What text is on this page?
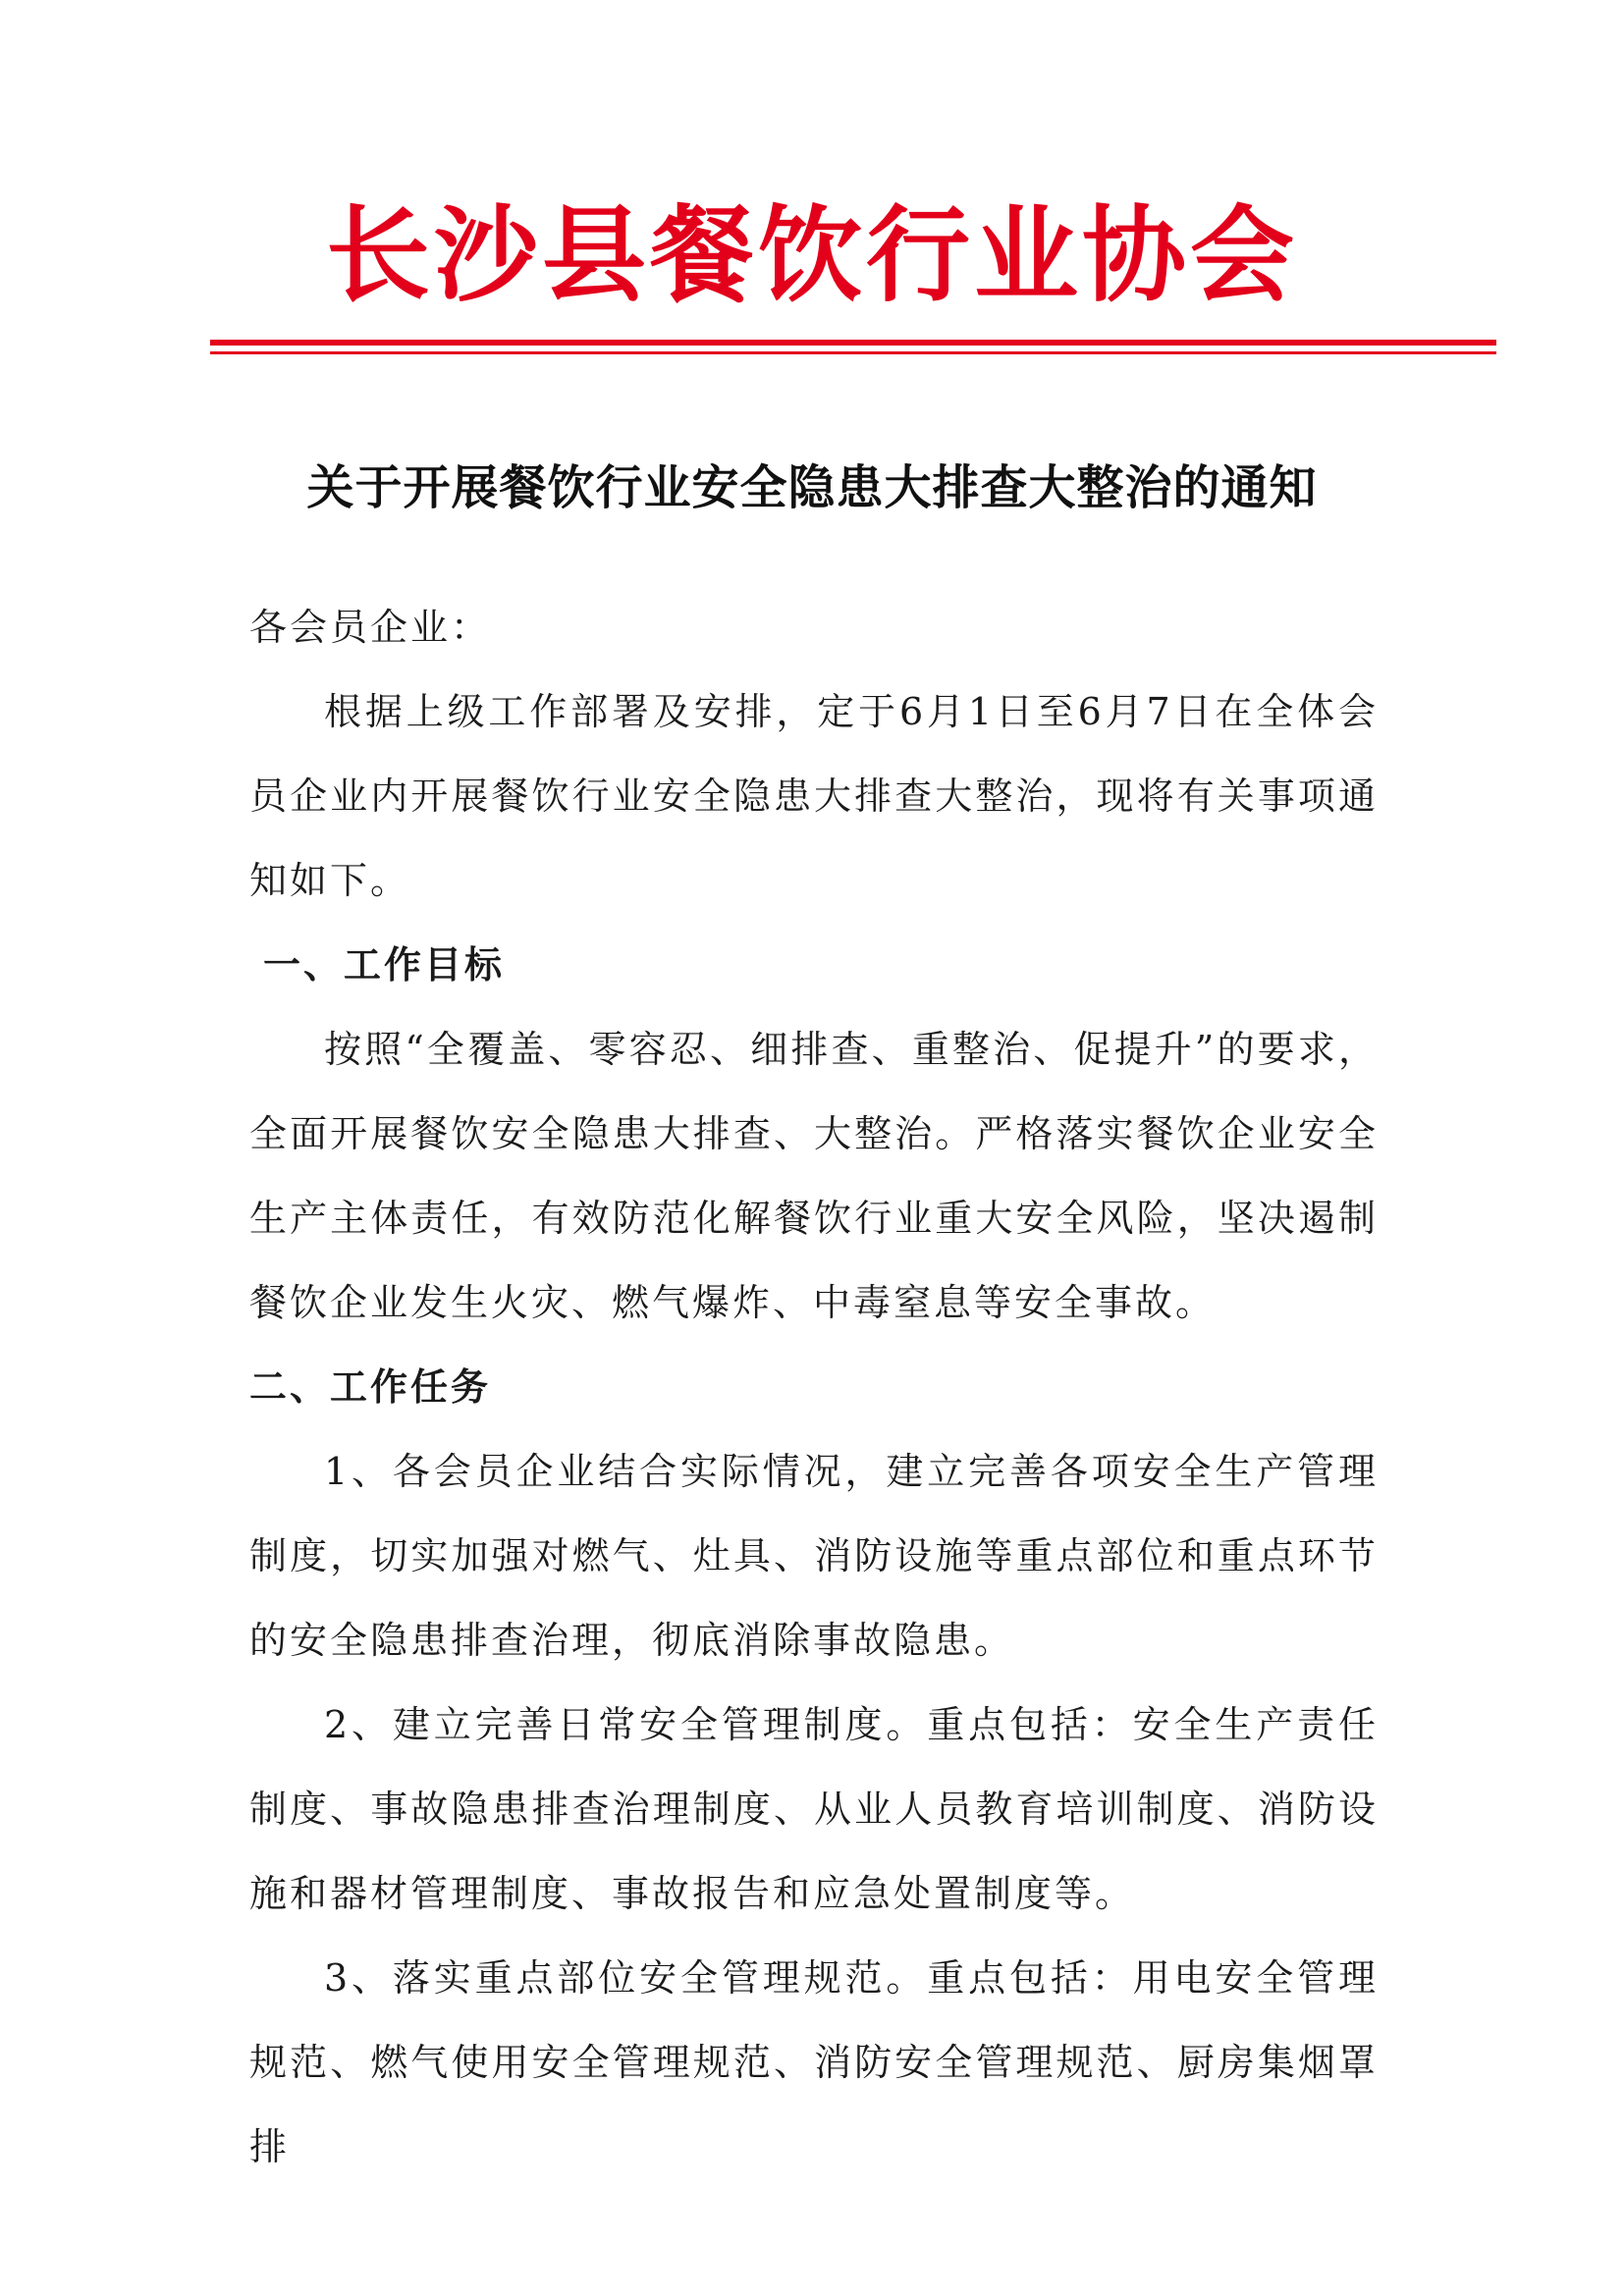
长沙县餐饮行业协会
关于开展餐饮行业安全隐患大排查大整治的通知

各会员企业：

根据上级工作部署及安排，定于6月1日至6月7日在全体会员企业内开展餐饮行业安全隐患大排查大整治，现将有关事项通知如下。

一、工作目标

按照“全覆盖、零容忍、细排查、重整治、促提升”的要求，全面开展餐饮安全隐患大排查、大整治。严格落实餐饮企业安全生产主体责任，有效防范化解餐饮行业重大安全风险，坚决遏制餐饮企业发生火灾、燃气爆炸、中毒窒息等安全事故。

二、工作任务

1、各会员企业结合实际情况，建立完善各项安全生产管理制度，切实加强对燃气、灶具、消防设施等重点部位和重点环节的安全隐患排查治理，彻底消除事故隐患。

2、建立完善日常安全管理制度。重点包括：安全生产责任制度、事故隐患排查治理制度、从业人员教育培训制度、消防设施和器材管理制度、事故报告和应急处置制度等。

3、落实重点部位安全管理规范。重点包括：用电安全管理规范、燃气使用安全管理规范、消防安全管理规范、厨房集烟罩排
